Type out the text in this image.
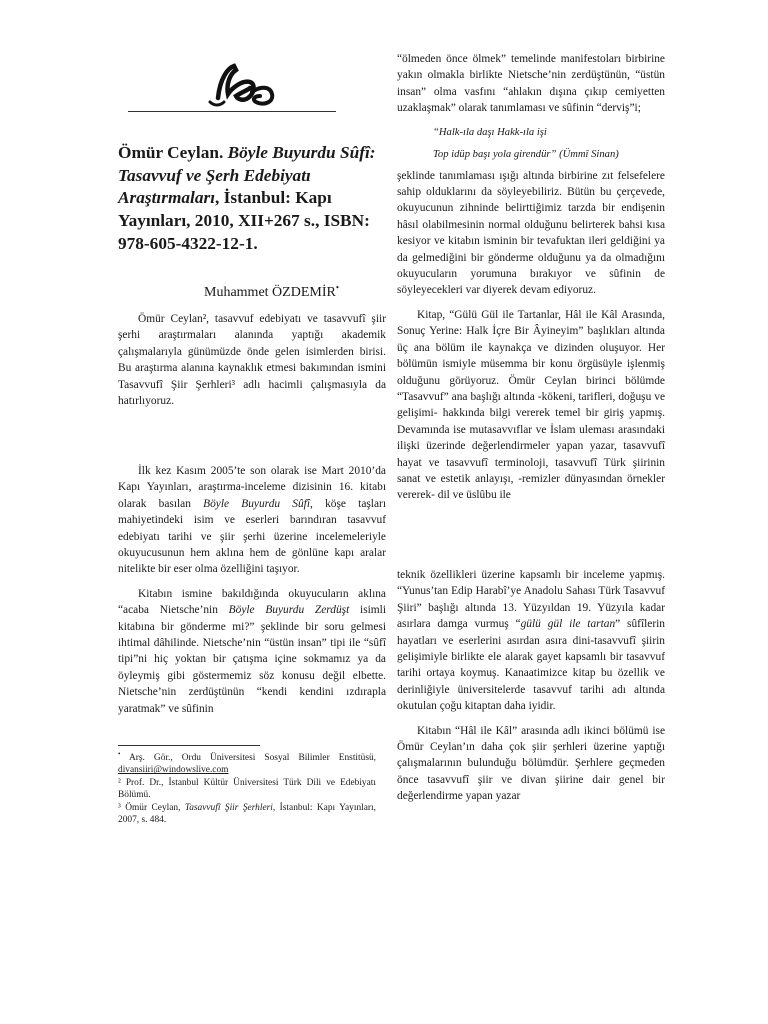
Ömür Ceylan. Böyle Buyurdu Sûfî: Tasavvuf ve Şerh Edebiyatı Araştırmaları, İstanbul: Kapı Yayınları, 2010, XII+267 s., ISBN: 978-605-4322-12-1.
Muhammet ÖZDEMİR•

Ömür Ceylan², tasavvuf edebiyatı ve tasavvufî şiir şerhi araştırmaları alanında yaptığı akademik çalışmalarıyla günümüzde önde gelen isimlerden birisi. Bu araştırma alanına kaynaklık etmesi bakımından ismini Tasavvufî Şiir Şerhleri³ adlı hacimli çalışmasıyla da hatırlıyoruz.

İlk kez Kasım 2005’te son olarak ise Mart 2010’da Kapı Yayınları, araştırma-inceleme dizisinin 16. kitabı olarak basılan Böyle Buyurdu Sûfî, köşe taşları mahiyetindeki isim ve eserleri barındıran tasavvuf edebiyatı tarihi ve şiir şerhi üzerine incelemeleriyle okuyucusunun hem aklına hem de gönlüne kapı aralar nitelikte bir eser olma özelliğini taşıyor.

Kitabın ismine bakıldığında okuyucuların aklına “acaba Nietsche’nin Böyle Buyurdu Zerdüşt isimli kitabına bir gönderme mi?” şeklinde bir soru gelmesi ihtimal dâhilinde. Nietsche’nin “üstün insan” tipi ile “sûfî tipi”ni hiç yoktan bir çatışma içine sokmamız ya da öyleymiş gibi göstermemiz söz konusu değil elbette. Nietsche’nin zerdüştünün “kendi kendini ızdırapla yaratmak” ve sûfinin

• Arş. Gör., Ordu Üniversitesi Sosyal Bilimler Enstitüsü, divansiiri@windowslive.com
² Prof. Dr., İstanbul Kültür Üniversitesi Türk Dili ve Edebiyatı Bölümü.
³ Ömür Ceylan, Tasavvufî Şiir Şerhleri, İstanbul: Kapı Yayınları, 2007, s. 484.

“ölmeden önce ölmek” temelinde manifestoları birbirine yakın olmakla birlikte Nietsche’nin zerdüştünün, “üstün insan” olma vasfını “ahlakın dışına çıkıp cemiyetten uzaklaşmak” olarak tanımlaması ve sûfinin “derviş”i;

“Halk-ıla daşı Hakk-ıla işi

Top idüp başı yola girendür” (Ümmî Sinan)

şeklinde tanımlaması ışığı altında birbirine zıt felsefelere sahip olduklarını da söyleyebiliriz. Bütün bu çerçevede, okuyucunun zihninde belirttiğimiz tarzda bir endişenin hâsıl olabilmesinin normal olduğunu belirterek bahsi kısa kesiyor ve kitabın isminin bir tevafuktan ileri geldiğini ya da gelmediğini bir gönderme olduğunu ya da olmadığını okuyucuların yorumuna bırakıyor ve sûfinin de söyleyecekleri var diyerek devam ediyoruz.

Kitap, “Gülü Gül ile Tartanlar, Hâl ile Kâl Arasında, Sonuç Yerine: Halk İçre Bir Âyineyim” başlıkları altında üç ana bölüm ile kaynakça ve dizinden oluşuyor. Her bölümün ismiyle müsemma bir konu örgüsüyle işlenmiş olduğunu görüyoruz. Ömür Ceylan birinci bölümde “Tasavvuf” ana başlığı altında -kökeni, tarifleri, doğuşu ve gelişimi- hakkında bilgi vererek temel bir giriş yapmış. Devamında ise mutasavvıflar ve İslam uleması arasındaki ilişki üzerinde değerlendirmeler yapan yazar, tasavvufî hayat ve tasavvufî terminoloji, tasavvufî Türk şiirinin sanat ve estetik anlayışı, -remizler dünyasından örnekler vererek- dil ve üslûbu ile

teknik özellikleri üzerine kapsamlı bir inceleme yapmış. “Yunus’tan Edip Harabî’ye Anadolu Sahası Türk Tasavvuf Şiiri” başlığı altında 13. Yüzyıldan 19. Yüzyıla kadar asırlara damga vurmuş “gülü gül ile tartan” sûfîlerin hayatları ve eserlerini asırdan asıra dini-tasavvufî şiirin gelişimiyle birlikte ele alarak gayet kapsamlı bir tasavvuf tarihi ortaya koymuş. Kanaatimizce kitap bu özellik ve derinliğiyle üniversitelerde tasavvuf tarihi adı altında okutulan çoğu kitaptan daha iyidir.

Kitabın “Hâl ile Kâl” arasında adlı ikinci bölümü ise Ömür Ceylan’ın daha çok şiir şerhleri üzerine yaptığı çalışmalarının bulunduğu bölümdür. Şerhlere geçmeden önce tasavvufî şiir ve divan şiirine dair genel bir değerlendirme yapan yazar
